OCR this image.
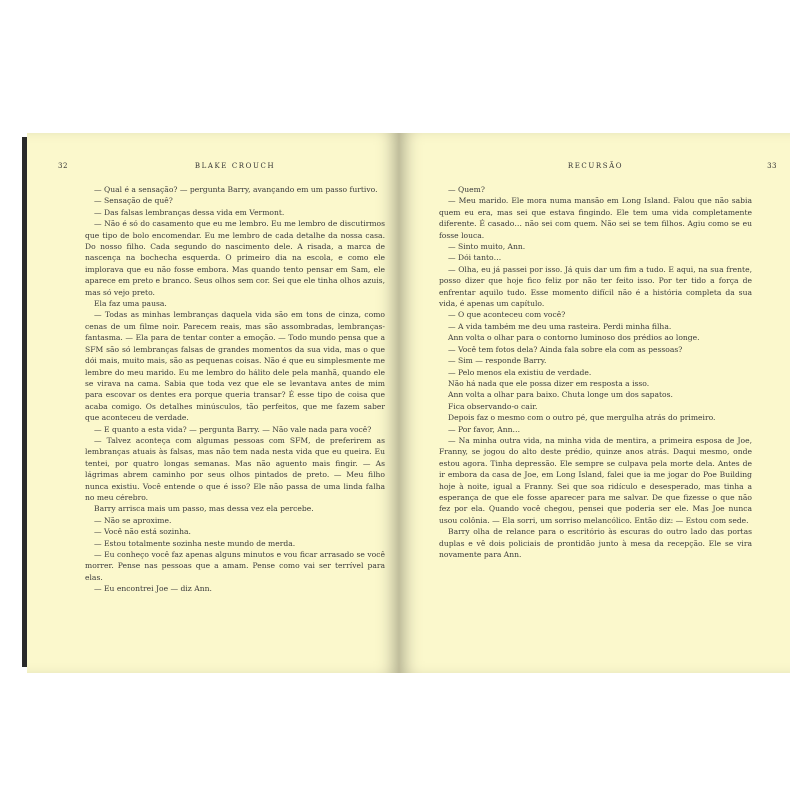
32	BLAKE CROUCH

— Qual é a sensação? — pergunta Barry, avançando em um passo furtivo.

— Sensação de quê?

— Das falsas lembranças dessa vida em Vermont.

— Não é só do casamento que eu me lembro. Eu me lembro de discutirmos que tipo de bolo encomendar. Eu me lembro de cada detalhe da nossa casa. Do nosso filho. Cada segundo do nascimento dele. A risada, a marca de nascença na bochecha esquerda. O primeiro dia na escola, e como ele implorava que eu não fosse embora. Mas quando tento pensar em Sam, ele aparece em preto e branco. Seus olhos sem cor. Sei que ele tinha olhos azuis, mas só vejo preto.

Ela faz uma pausa.

— Todas as minhas lembranças daquela vida são em tons de cinza, como cenas de um filme noir. Parecem reais, mas são assombradas, lembranças-fantasma. — Ela para de tentar conter a emoção. — Todo mundo pensa que a SFM são só lembranças falsas de grandes momentos da sua vida, mas o que dói mais, muito mais, são as pequenas coisas. Não é que eu simplesmente me lembre do meu marido. Eu me lembro do hálito dele pela manhã, quando ele se virava na cama. Sabia que toda vez que ele se levantava antes de mim para escovar os dentes era porque queria transar? É esse tipo de coisa que acaba comigo. Os detalhes minúsculos, tão perfeitos, que me fazem saber que aconteceu de verdade.

— E quanto a esta vida? — pergunta Barry. — Não vale nada para você?

— Talvez aconteça com algumas pessoas com SFM, de preferirem as lembranças atuais às falsas, mas não tem nada nesta vida que eu queira. Eu tentei, por quatro longas semanas. Mas não aguento mais fingir. — As lágrimas abrem caminho por seus olhos pintados de preto. — Meu filho nunca existiu. Você entende o que é isso? Ele não passa de uma linda falha no meu cérebro.

Barry arrisca mais um passo, mas dessa vez ela percebe.

— Não se aproxime.

— Você não está sozinha.

— Estou totalmente sozinha neste mundo de merda.

— Eu conheço você faz apenas alguns minutos e vou ficar arrasado se você morrer. Pense nas pessoas que a amam. Pense como vai ser terrível para elas.

— Eu encontrei Joe — diz Ann.

RECURSÃO	33

— Quem?

— Meu marido. Ele mora numa mansão em Long Island. Falou que não sabia quem eu era, mas sei que estava fingindo. Ele tem uma vida completamente diferente. É casado… não sei com quem. Não sei se tem filhos. Agiu como se eu fosse louca.

— Sinto muito, Ann.

— Dói tanto…

— Olha, eu já passei por isso. Já quis dar um fim a tudo. E aqui, na sua frente, posso dizer que hoje fico feliz por não ter feito isso. Por ter tido a força de enfrentar aquilo tudo. Esse momento difícil não é a história completa da sua vida, é apenas um capítulo.

— O que aconteceu com você?

— A vida também me deu uma rasteira. Perdi minha filha.

Ann volta o olhar para o contorno luminoso dos prédios ao longe.

— Você tem fotos dela? Ainda fala sobre ela com as pessoas?

— Sim — responde Barry.

— Pelo menos ela existiu de verdade.

Não há nada que ele possa dizer em resposta a isso.

Ann volta a olhar para baixo. Chuta longe um dos sapatos.

Fica observando-o cair.

Depois faz o mesmo com o outro pé, que mergulha atrás do primeiro.

— Por favor, Ann…

— Na minha outra vida, na minha vida de mentira, a primeira esposa de Joe, Franny, se jogou do alto deste prédio, quinze anos atrás. Daqui mesmo, onde estou agora. Tinha depressão. Ele sempre se culpava pela morte dela. Antes de ir embora da casa de Joe, em Long Island, falei que ia me jogar do Poe Building hoje à noite, igual a Franny. Sei que soa ridículo e desesperado, mas tinha a esperança de que ele fosse aparecer para me salvar. De que fizesse o que não fez por ela. Quando você chegou, pensei que poderia ser ele. Mas Joe nunca usou colônia. — Ela sorri, um sorriso melancólico. Então diz: — Estou com sede.

Barry olha de relance para o escritório às escuras do outro lado das portas duplas e vê dois policiais de prontidão junto à mesa da recepção. Ele se vira novamente para Ann.
